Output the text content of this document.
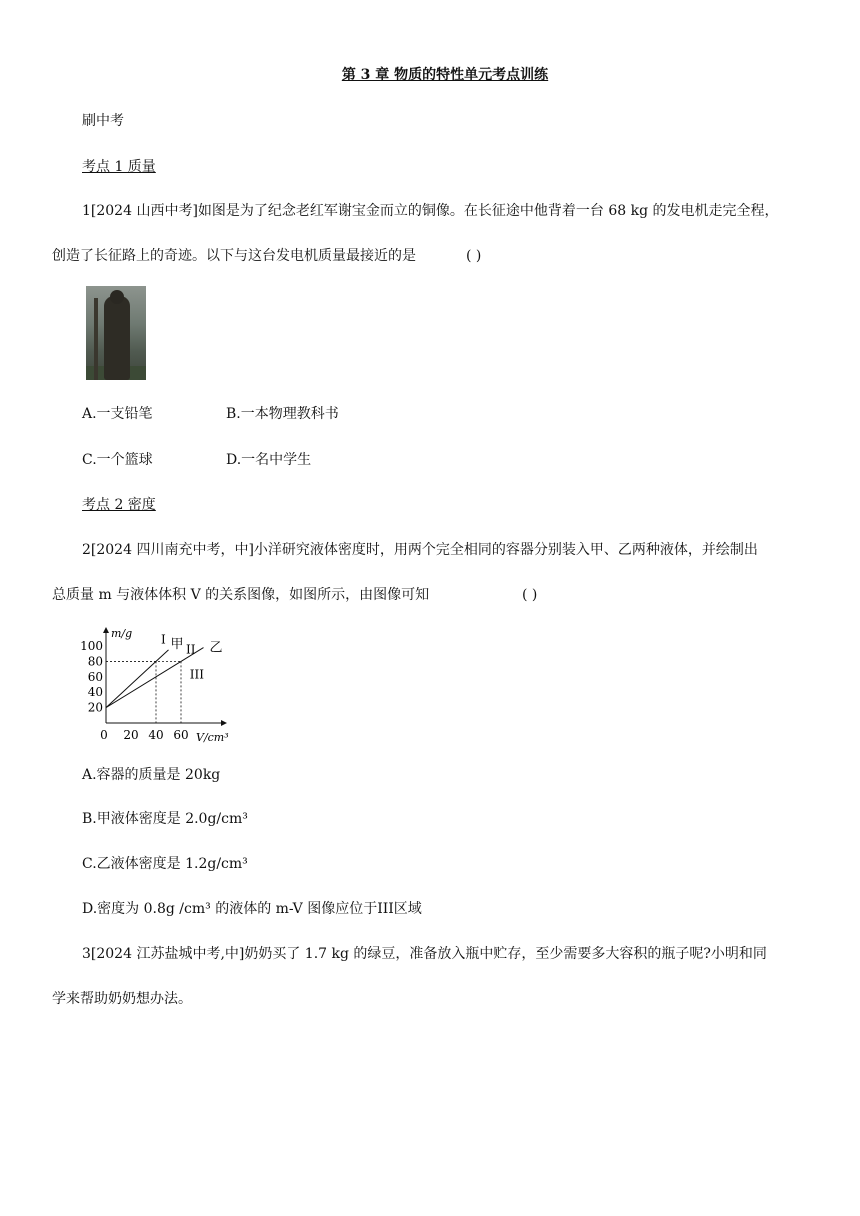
第 3 章 物质的特性单元考点训练
刷中考
考点 1 质量
1[2024 山西中考]如图是为了纪念老红军谢宝金而立的铜像。在长征途中他背着一台 68 kg 的发电机走完全程，
创造了长征路上的奇迹。以下与这台发电机质量最接近的是	( )
A.一支铅笔	B.一本物理教科书
C.一个篮球	D.一名中学生
考点 2 密度
2[2024 四川南充中考，中]小洋研究液体密度时，用两个完全相同的容器分别装入甲、乙两种液体，并绘制出
总质量 m 与液体体积 V 的关系图像，如图所示，由图像可知	( )
m/g
V/cm³
20
40
60
80
100
0 20 40 60
甲 乙
I
II
III
A.容器的质量是 20kg
B.甲液体密度是 2.0g/cm³
C.乙液体密度是 1.2g/cm³
D.密度为 0.8g /cm³ 的液体的 m-V 图像应位于III区域
3[2024 江苏盐城中考,中]奶奶买了 1.7 kg 的绿豆，准备放入瓶中贮存，至少需要多大容积的瓶子呢?小明和同
学来帮助奶奶想办法。
